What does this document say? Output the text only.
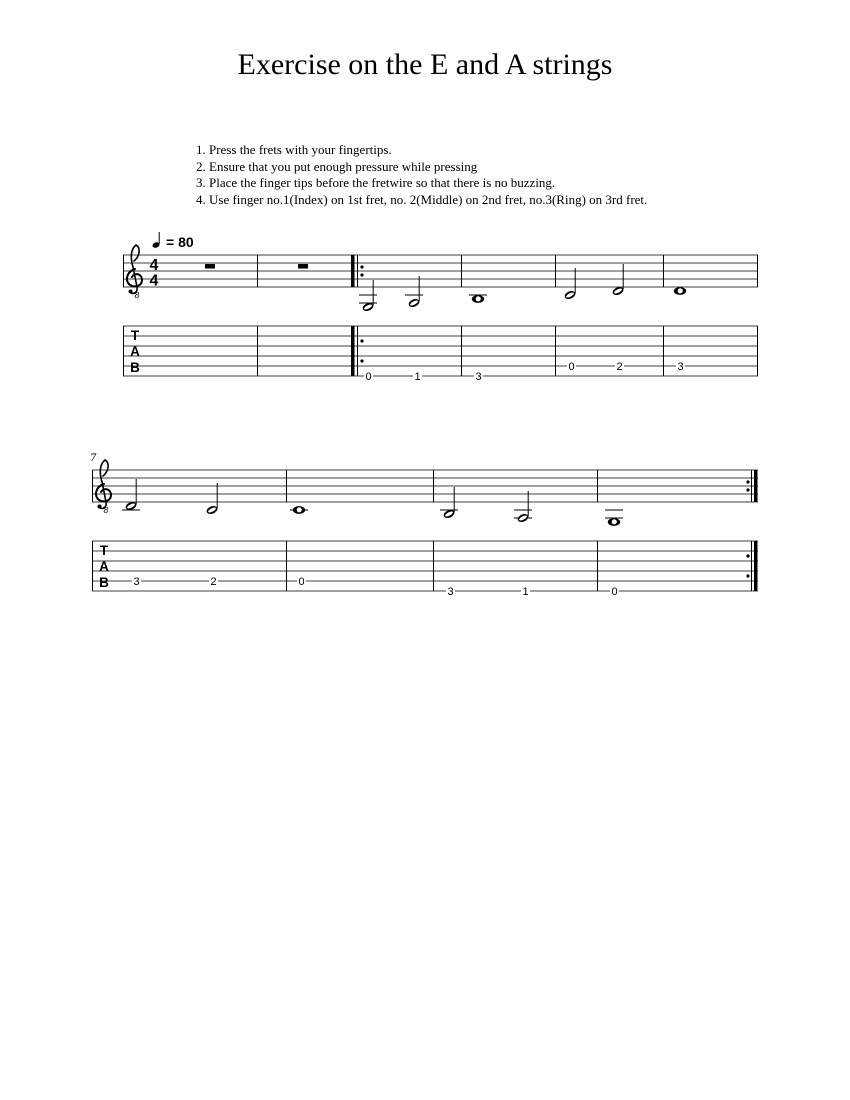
Exercise on the E and A strings
1. Press the frets with your fingertips.
2. Ensure that you put enough pressure while pressing
3. Place the finger tips before the fretwire so that there is no buzzing.
4. Use finger no.1(Index) on 1st fret, no. 2(Middle) on 2nd fret, no.3(Ring) on 3rd fret.
= 80
8
4
4
T
A
B
0	1	3
0	2	3
7
8
T
A
B 3	2	0
3	1	0
